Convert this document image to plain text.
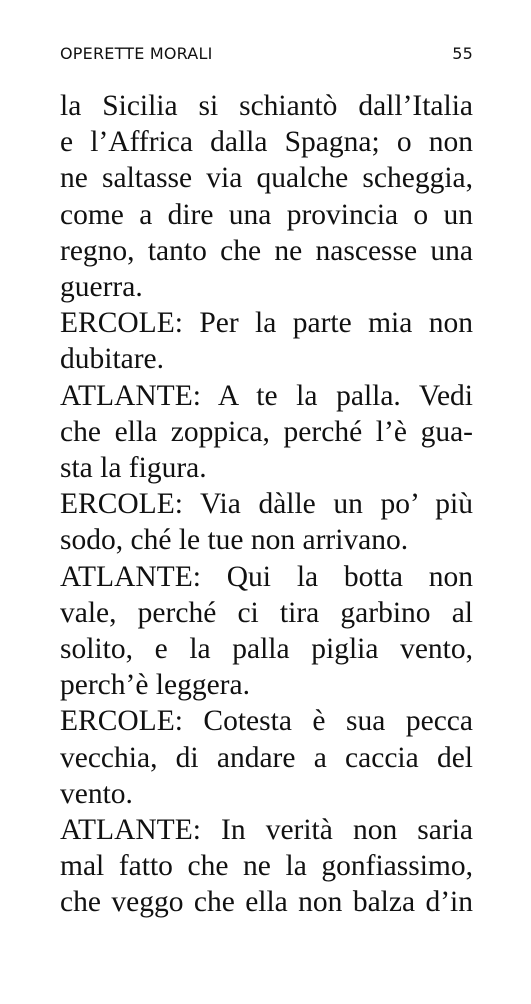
OPERETTE MORALI	55
la Sicilia si schiantò dall’Italia
e l’Affrica dalla Spagna; o non
ne saltasse via qualche scheggia,
come a dire una provincia o un
regno, tanto che ne nascesse una
guerra.
ERCOLE: Per la parte mia non
dubitare.
ATLANTE: A te la palla. Vedi
che ella zoppica, perché l’è gua-
sta la figura.
ERCOLE: Via dàlle un po’ più
sodo, ché le tue non arrivano.
ATLANTE: Qui la botta non
vale, perché ci tira garbino al
solito, e la palla piglia vento,
perch’è leggera.
ERCOLE: Cotesta è sua pecca
vecchia, di andare a caccia del
vento.
ATLANTE: In verità non saria
mal fatto che ne la gonfiassimo,
che veggo che ella non balza d’in
